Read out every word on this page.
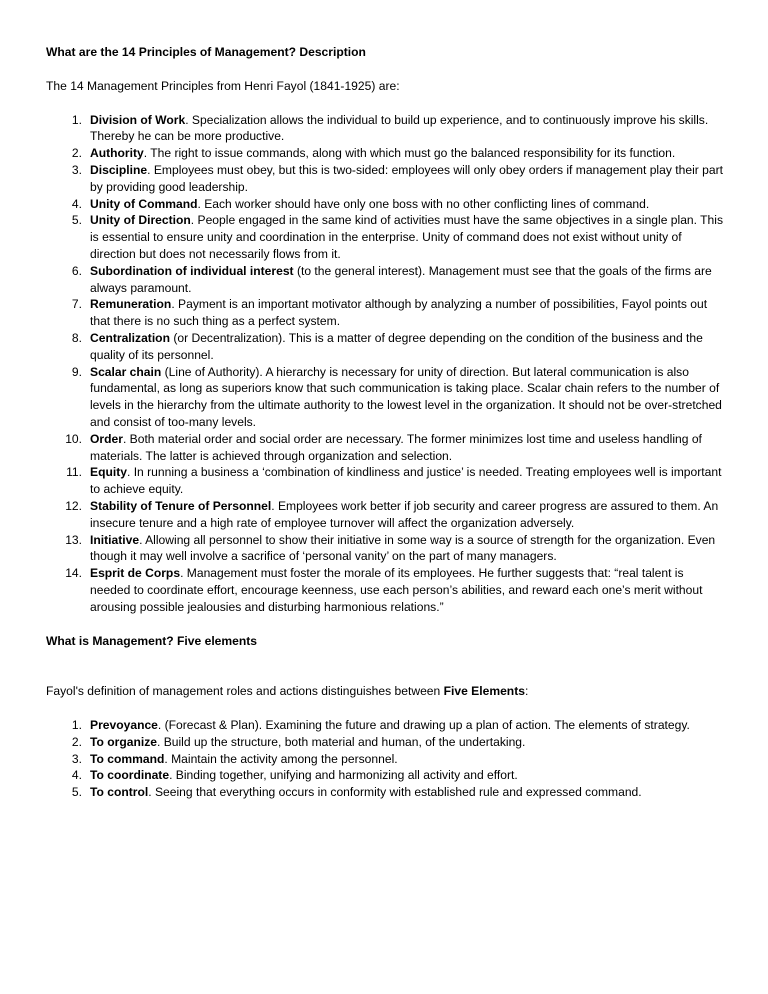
What are the 14 Principles of Management? Description

The 14 Management Principles from Henri Fayol (1841-1925) are:

1. Division of Work. Specialization allows the individual to build up experience, and to continuously improve his skills. Thereby he can be more productive.
2. Authority. The right to issue commands, along with which must go the balanced responsibility for its function.
3. Discipline. Employees must obey, but this is two-sided: employees will only obey orders if management play their part by providing good leadership.
4. Unity of Command. Each worker should have only one boss with no other conflicting lines of command.
5. Unity of Direction. People engaged in the same kind of activities must have the same objectives in a single plan. This is essential to ensure unity and coordination in the enterprise. Unity of command does not exist without unity of direction but does not necessarily flows from it.
6. Subordination of individual interest (to the general interest). Management must see that the goals of the firms are always paramount.
7. Remuneration. Payment is an important motivator although by analyzing a number of possibilities, Fayol points out that there is no such thing as a perfect system.
8. Centralization (or Decentralization). This is a matter of degree depending on the condition of the business and the quality of its personnel.
9. Scalar chain (Line of Authority). A hierarchy is necessary for unity of direction. But lateral communication is also fundamental, as long as superiors know that such communication is taking place. Scalar chain refers to the number of levels in the hierarchy from the ultimate authority to the lowest level in the organization. It should not be over-stretched and consist of too-many levels.
10. Order. Both material order and social order are necessary. The former minimizes lost time and useless handling of materials. The latter is achieved through organization and selection.
11. Equity. In running a business a ‘combination of kindliness and justice’ is needed. Treating employees well is important to achieve equity.
12. Stability of Tenure of Personnel. Employees work better if job security and career progress are assured to them. An insecure tenure and a high rate of employee turnover will affect the organization adversely.
13. Initiative. Allowing all personnel to show their initiative in some way is a source of strength for the organization. Even though it may well involve a sacrifice of ‘personal vanity’ on the part of many managers.
14. Esprit de Corps. Management must foster the morale of its employees. He further suggests that: “real talent is needed to coordinate effort, encourage keenness, use each person’s abilities, and reward each one’s merit without arousing possible jealousies and disturbing harmonious relations.”

What is Management? Five elements

Fayol's definition of management roles and actions distinguishes between Five Elements:

1. Prevoyance. (Forecast & Plan). Examining the future and drawing up a plan of action. The elements of strategy.
2. To organize. Build up the structure, both material and human, of the undertaking.
3. To command. Maintain the activity among the personnel.
4. To coordinate. Binding together, unifying and harmonizing all activity and effort.
5. To control. Seeing that everything occurs in conformity with established rule and expressed command.
